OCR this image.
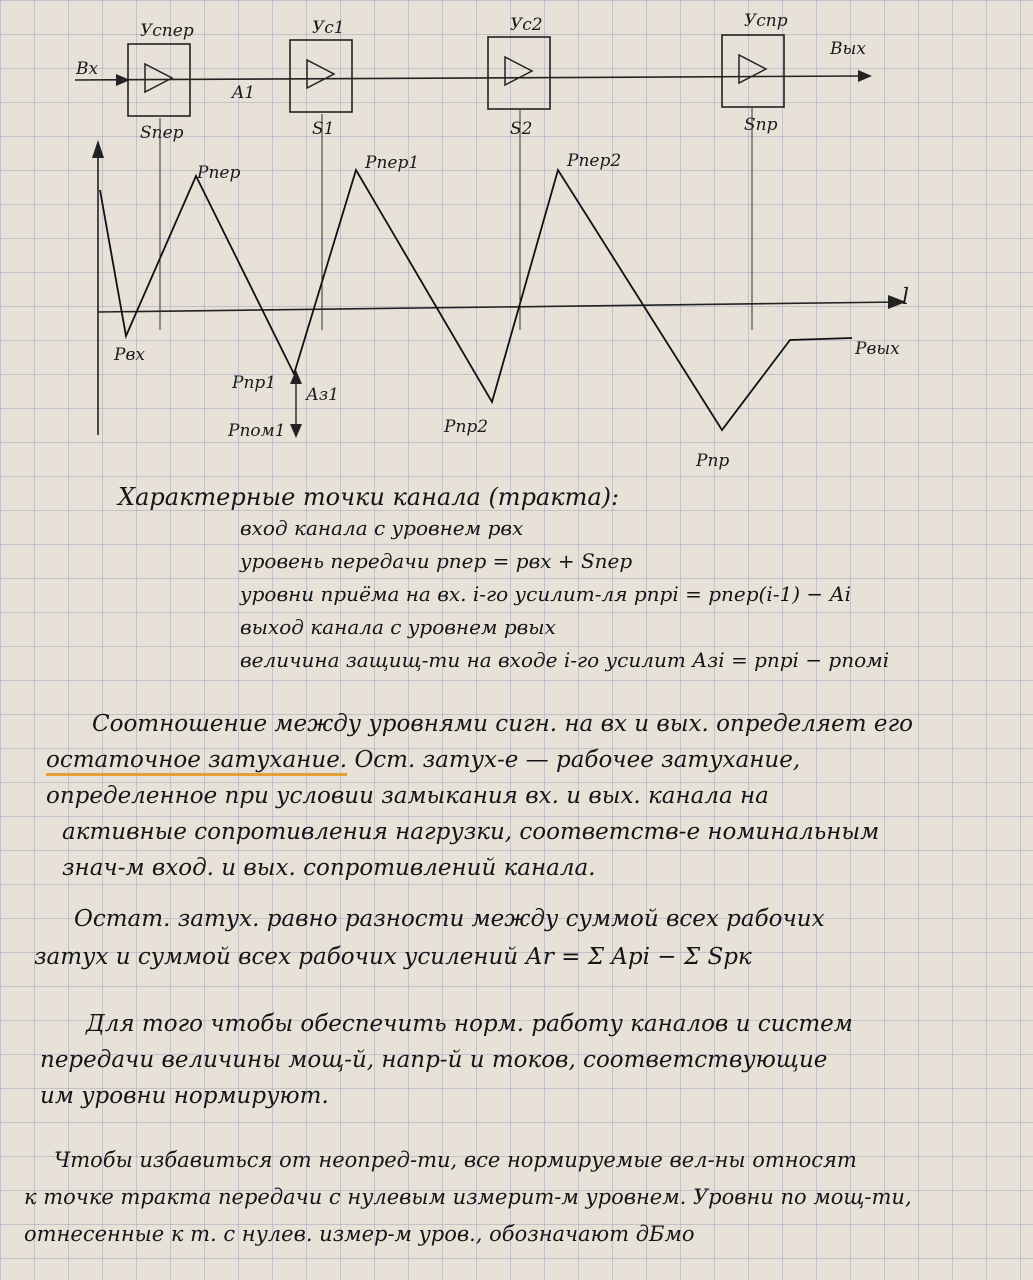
Успер
Sпер
Ус1
S1
Ус2
S2
Успр
Sпр
Вх
Вых
A1
l
Рвх
Рпер	Рпер1	Рпер2
Рпр1
Рпом1
Аз1
Рпр2
Рпр
Рвых
Характерные точки канала (тракта):
вход канала с уровнем рвх
уровень передачи рпер = рвх + Sпер
уровни приёма на вх. i-го усилит-ля рпрi = рпер(i-1) − Аi
выход канала с уровнем рвых
величина защищ-ти на входе i-го усилит Азi = рпрi − рпомi
Соотношение между уровнями сигн. на вх и вых. определяет его
остаточное затухание. Ост. затух-е — рабочее затухание,
определенное при условии замыкания вх. и вых. канала на
активные сопротивления нагрузки, соответств-е номинальным
знач-м вход. и вых. сопротивлений канала.
Остат. затух. равно разности между суммой всех рабочих
затух и суммой всех рабочих усилений Аr = Σ Apі − Σ Spк
Для того чтобы обеспечить норм. работу каналов и систем
передачи величины мощ-й, напр-й и токов, соответствующие
им уровни нормируют.
Чтобы избавиться от неопред-ти, все нормируемые вел-ны относят
к точке тракта передачи с нулевым измерит-м уровнем. Уровни по мощ-ти,
отнесенные к т. с нулев. измер-м уров., обозначают дБмо
